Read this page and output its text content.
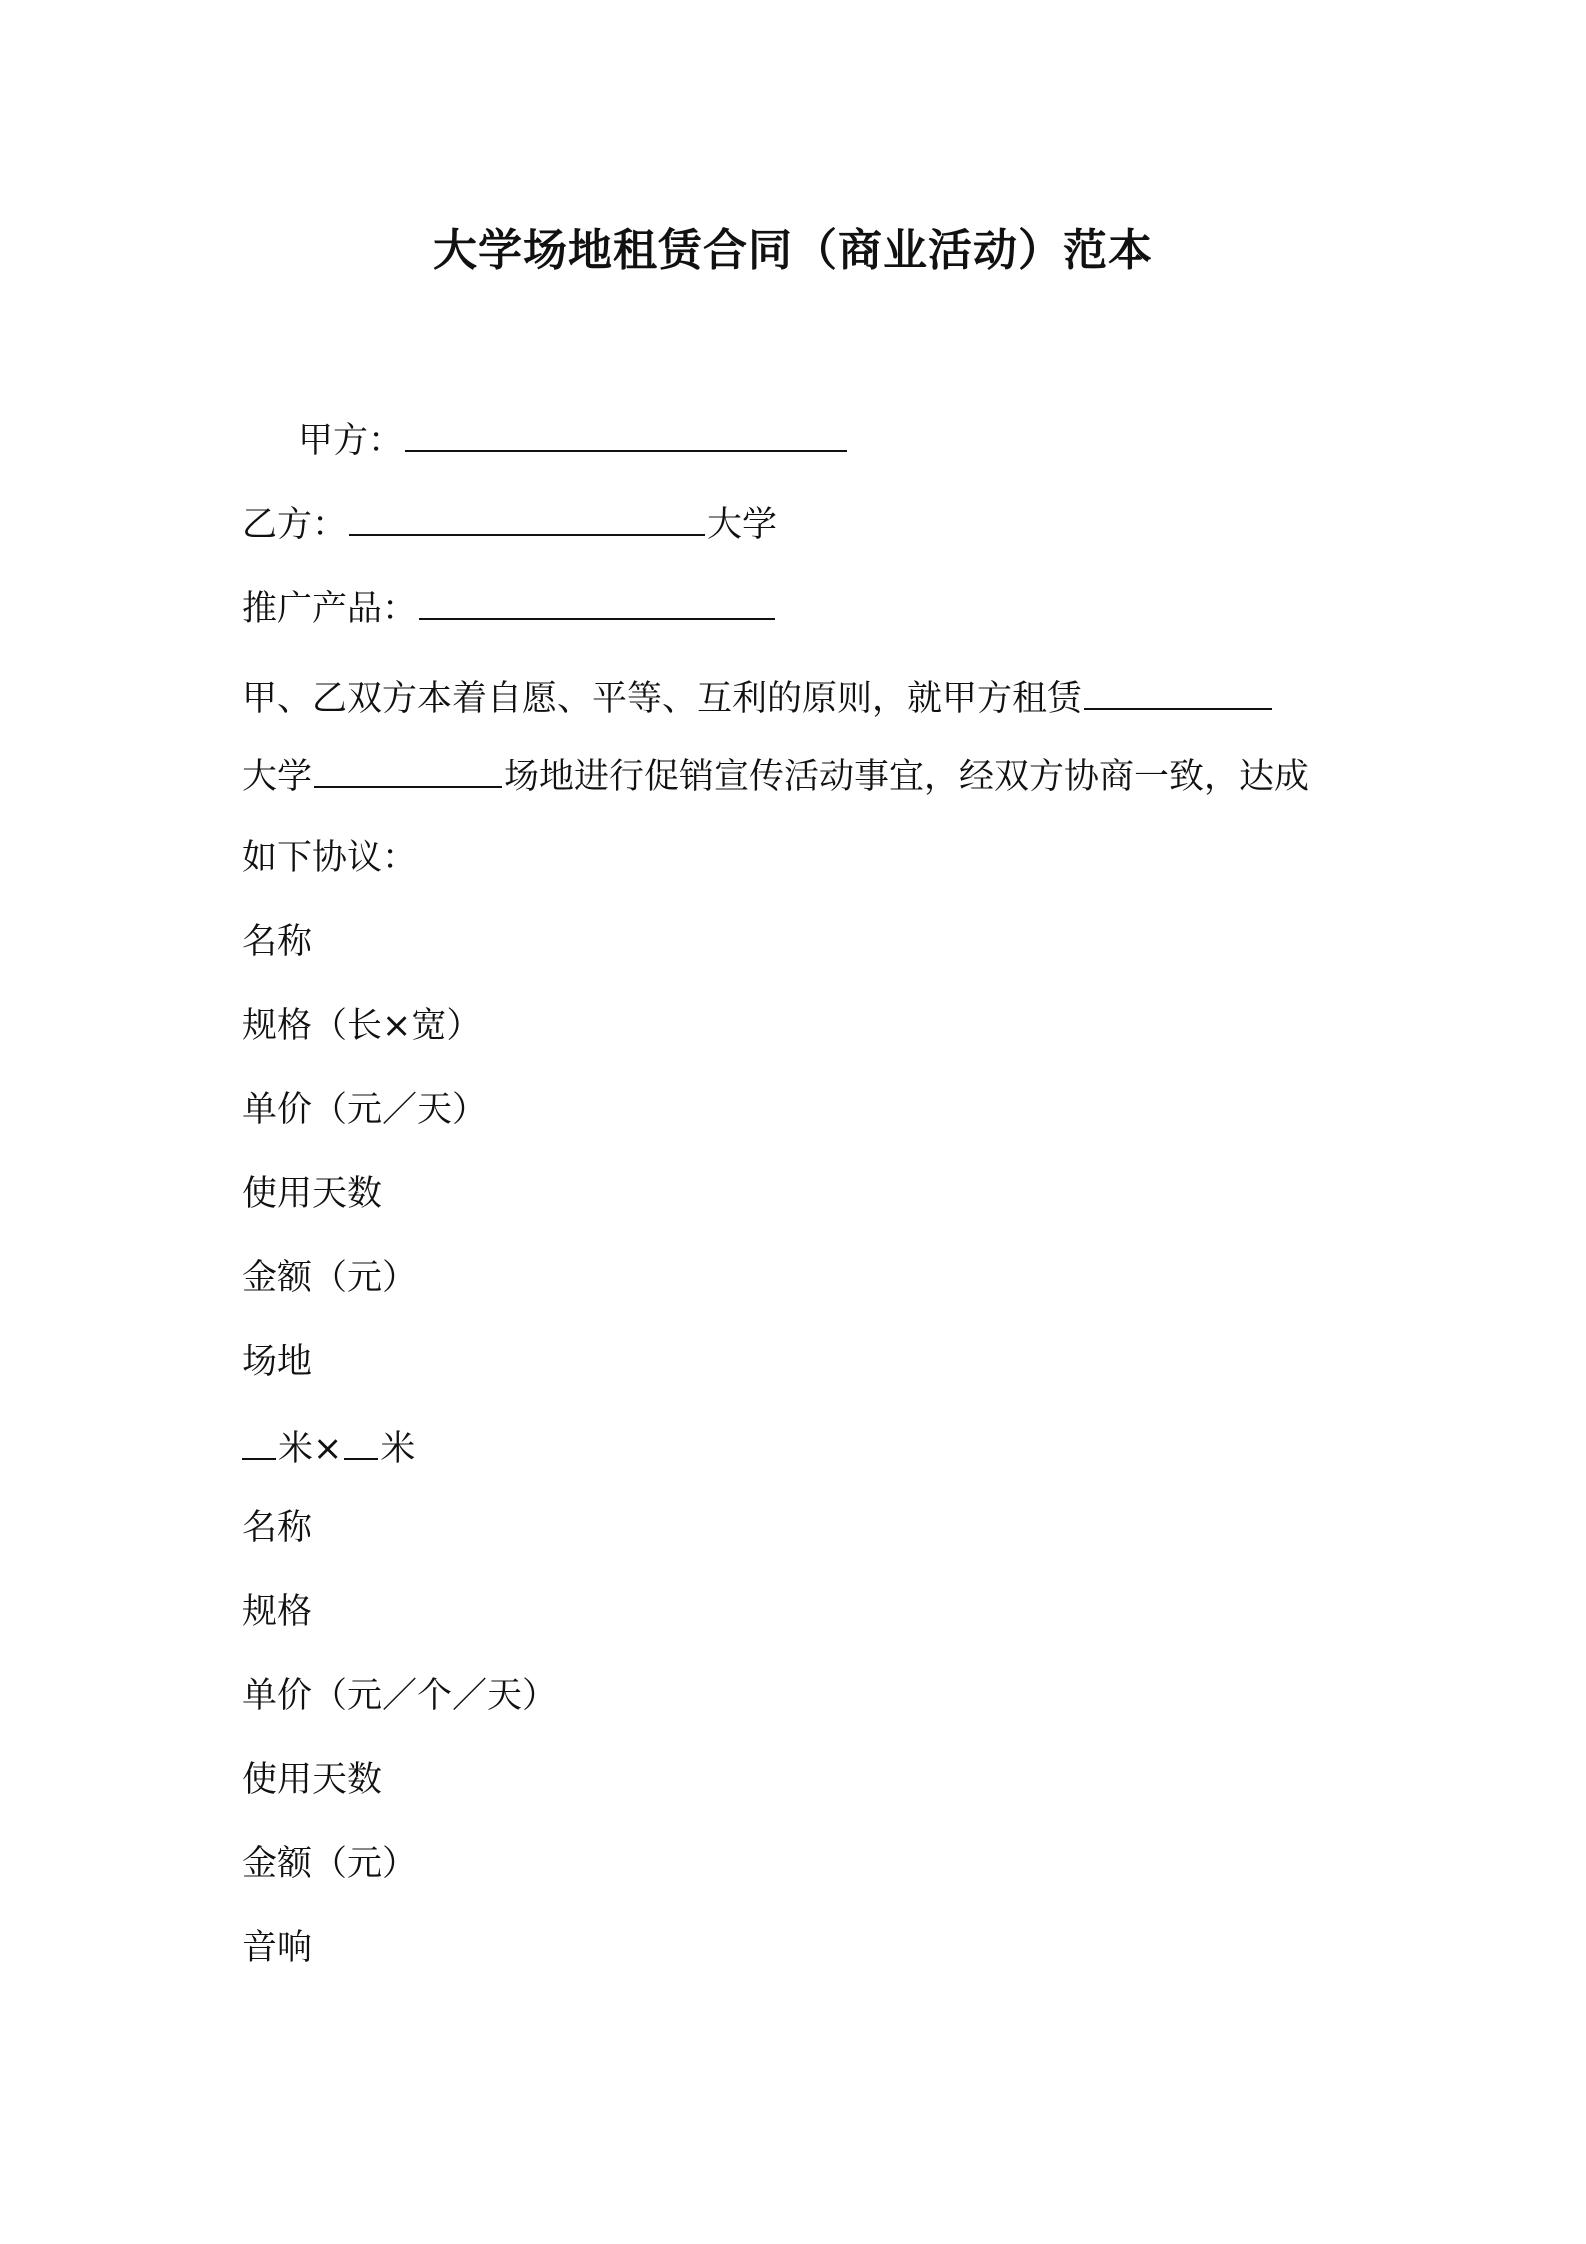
大学场地租赁合同（商业活动）范本

甲方：

乙方：	大学

推广产品：

甲、乙双方本着自愿、平等、互利的原则，就甲方租赁

大学	场地进行促销宣传活动事宜，经双方协商一致，达成

如下协议：

名称

规格（长×宽）

单价（元／天）

使用天数

金额（元）

场地

米× 米

名称

规格

单价（元／个／天）

使用天数

金额（元）

音响
